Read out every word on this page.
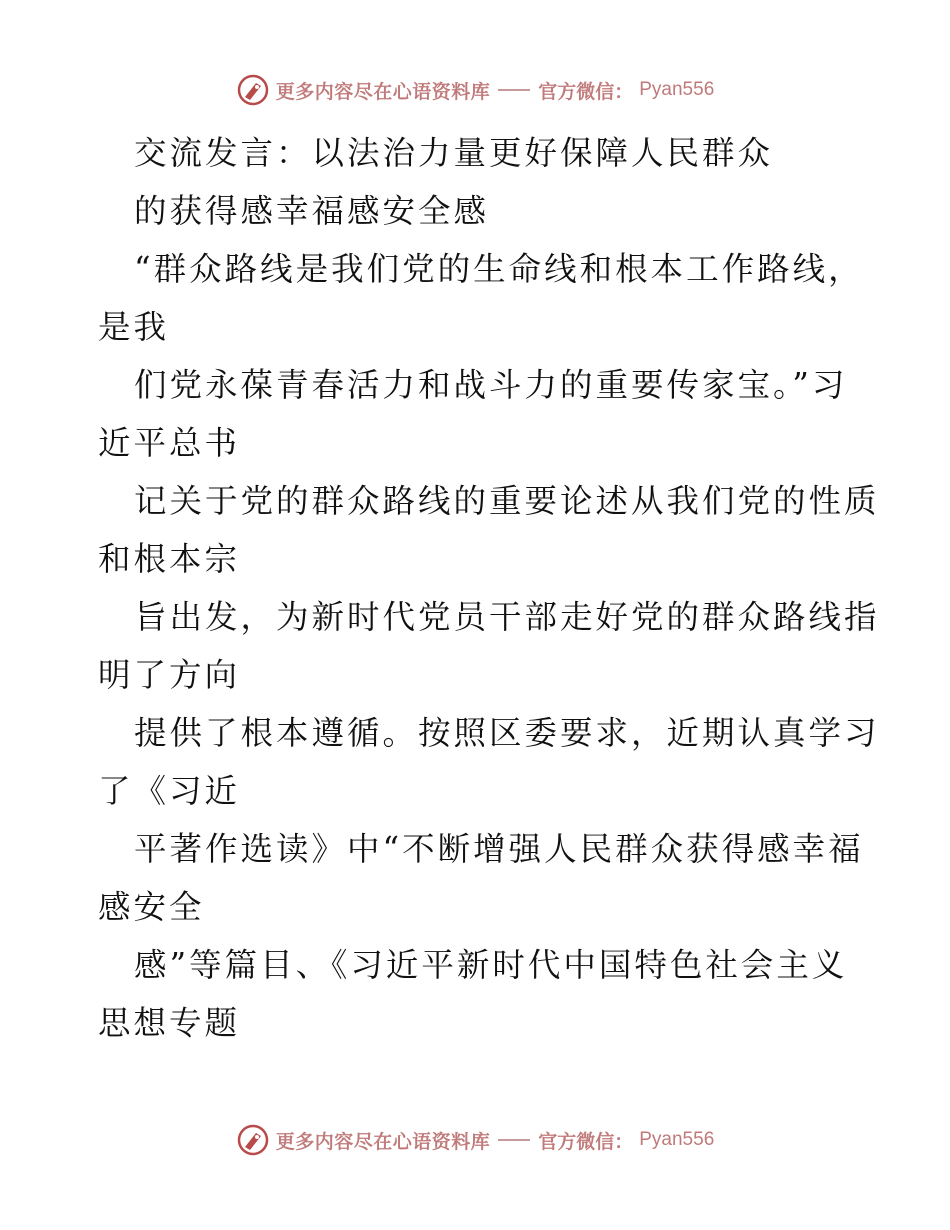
更多内容尽在心语资料库	官方微信： Pyan556
交流发言：以法治力量更好保障人民群众
的获得感幸福感安全感
“群众路线是我们党的生命线和根本工作路线，
是我
们党永葆青春活力和战斗力的重要传家宝。”习
近平总书
记关于党的群众路线的重要论述从我们党的性质
和根本宗
旨出发，为新时代党员干部走好党的群众路线指
明了方向
提供了根本遵循。按照区委要求，近期认真学习
了《习近
平著作选读》中“不断增强人民群众获得感幸福
感安全
感”等篇目、《习近平新时代中国特色社会主义
思想专题
更多内容尽在心语资料库	官方微信： Pyan556
